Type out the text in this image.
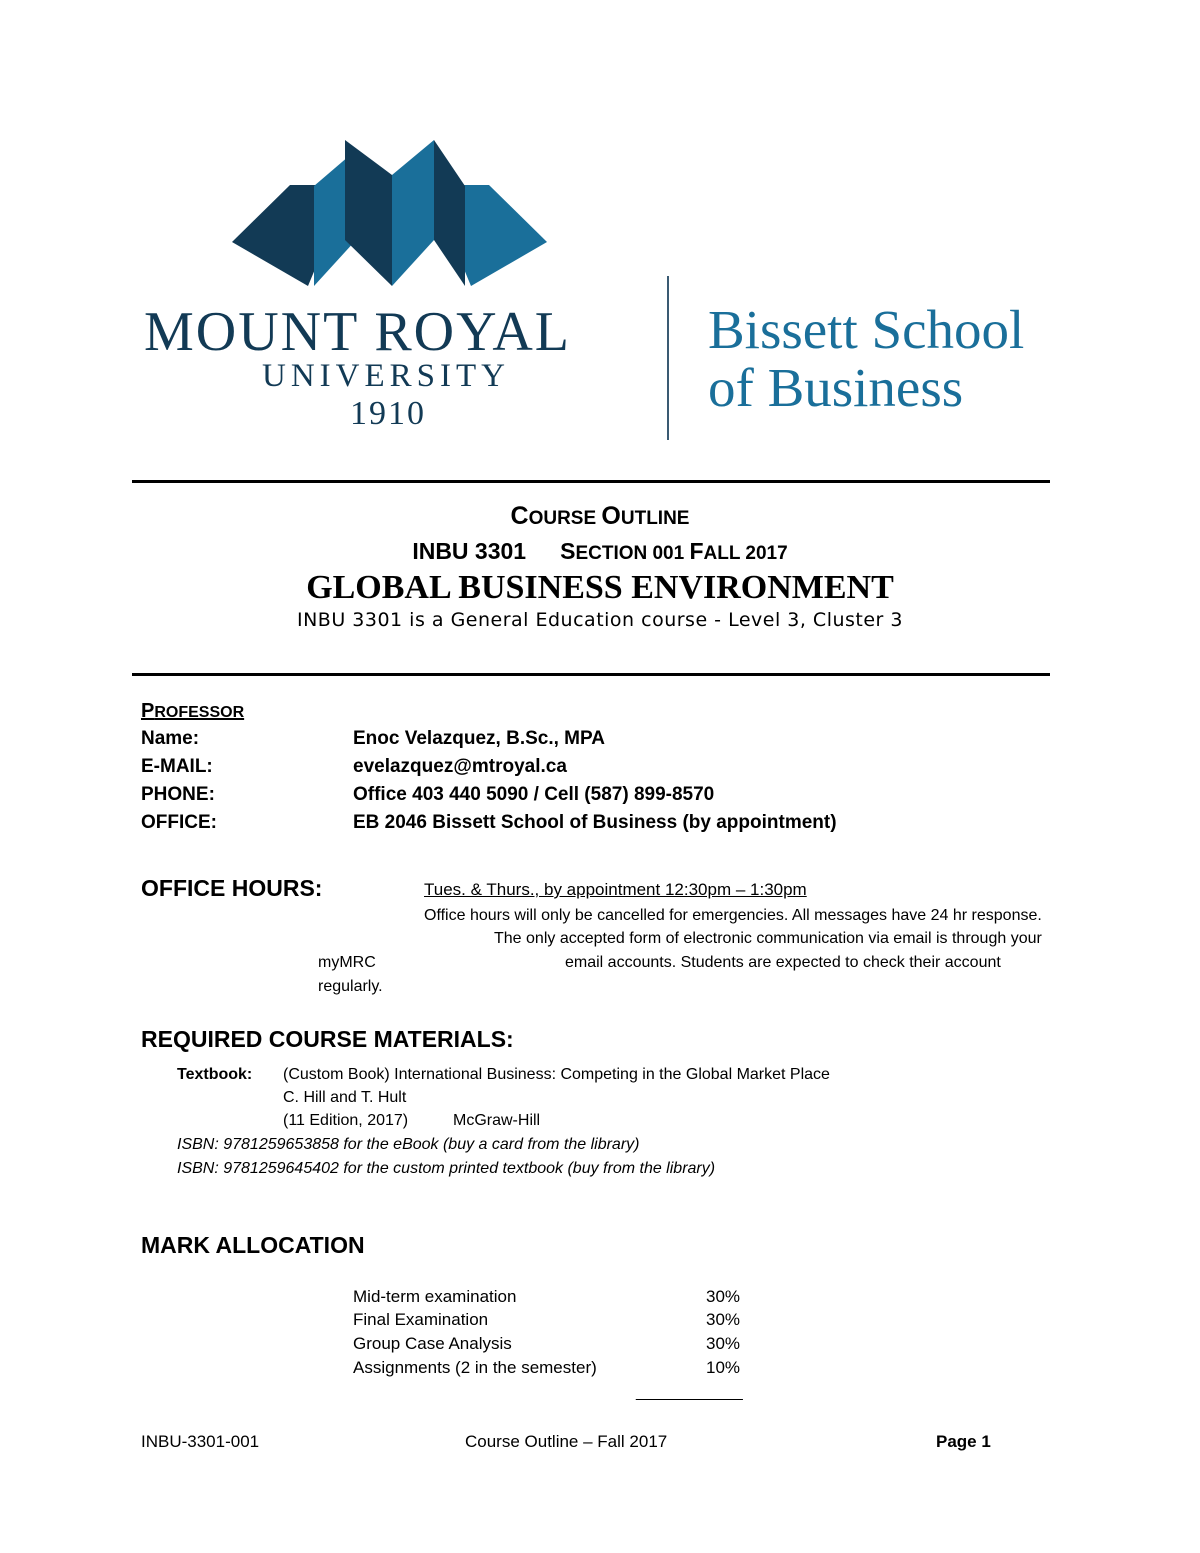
MOUNT ROYAL
UNIVERSITY
1910
Bissett School
of Business
COURSE OUTLINE
INBU 3301 SECTION 001 FALL 2017
GLOBAL BUSINESS ENVIRONMENT
INBU 3301 is a General Education course - Level 3, Cluster 3
PROFESSOR
Name:	Enoc Velazquez, B.Sc., MPA
E-MAIL:	evelazquez@mtroyal.ca
PHONE:	Office 403 440 5090 / Cell (587) 899-8570
OFFICE:	EB 2046 Bissett School of Business (by appointment)
OFFICE HOURS:	Tues. & Thurs., by appointment 12:30pm – 1:30pm
Office hours will only be cancelled for emergencies. All messages have 24 hr response.
The only accepted form of electronic communication via email is through your
myMRC	email accounts. Students are expected to check their account
regularly.
REQUIRED COURSE MATERIALS:
Textbook: (Custom Book) International Business: Competing in the Global Market Place
C. Hill and T. Hult
(11 Edition, 2017)	McGraw-Hill
ISBN: 9781259653858 for the eBook (buy a card from the library)
ISBN: 9781259645402 for the custom printed textbook (buy from the library)
MARK ALLOCATION
Mid-term examination	30%
Final Examination	30%
Group Case Analysis	30%
Assignments (2 in the semester)	10%
____________
INBU-3301-001	Course Outline – Fall 2017	Page 1
